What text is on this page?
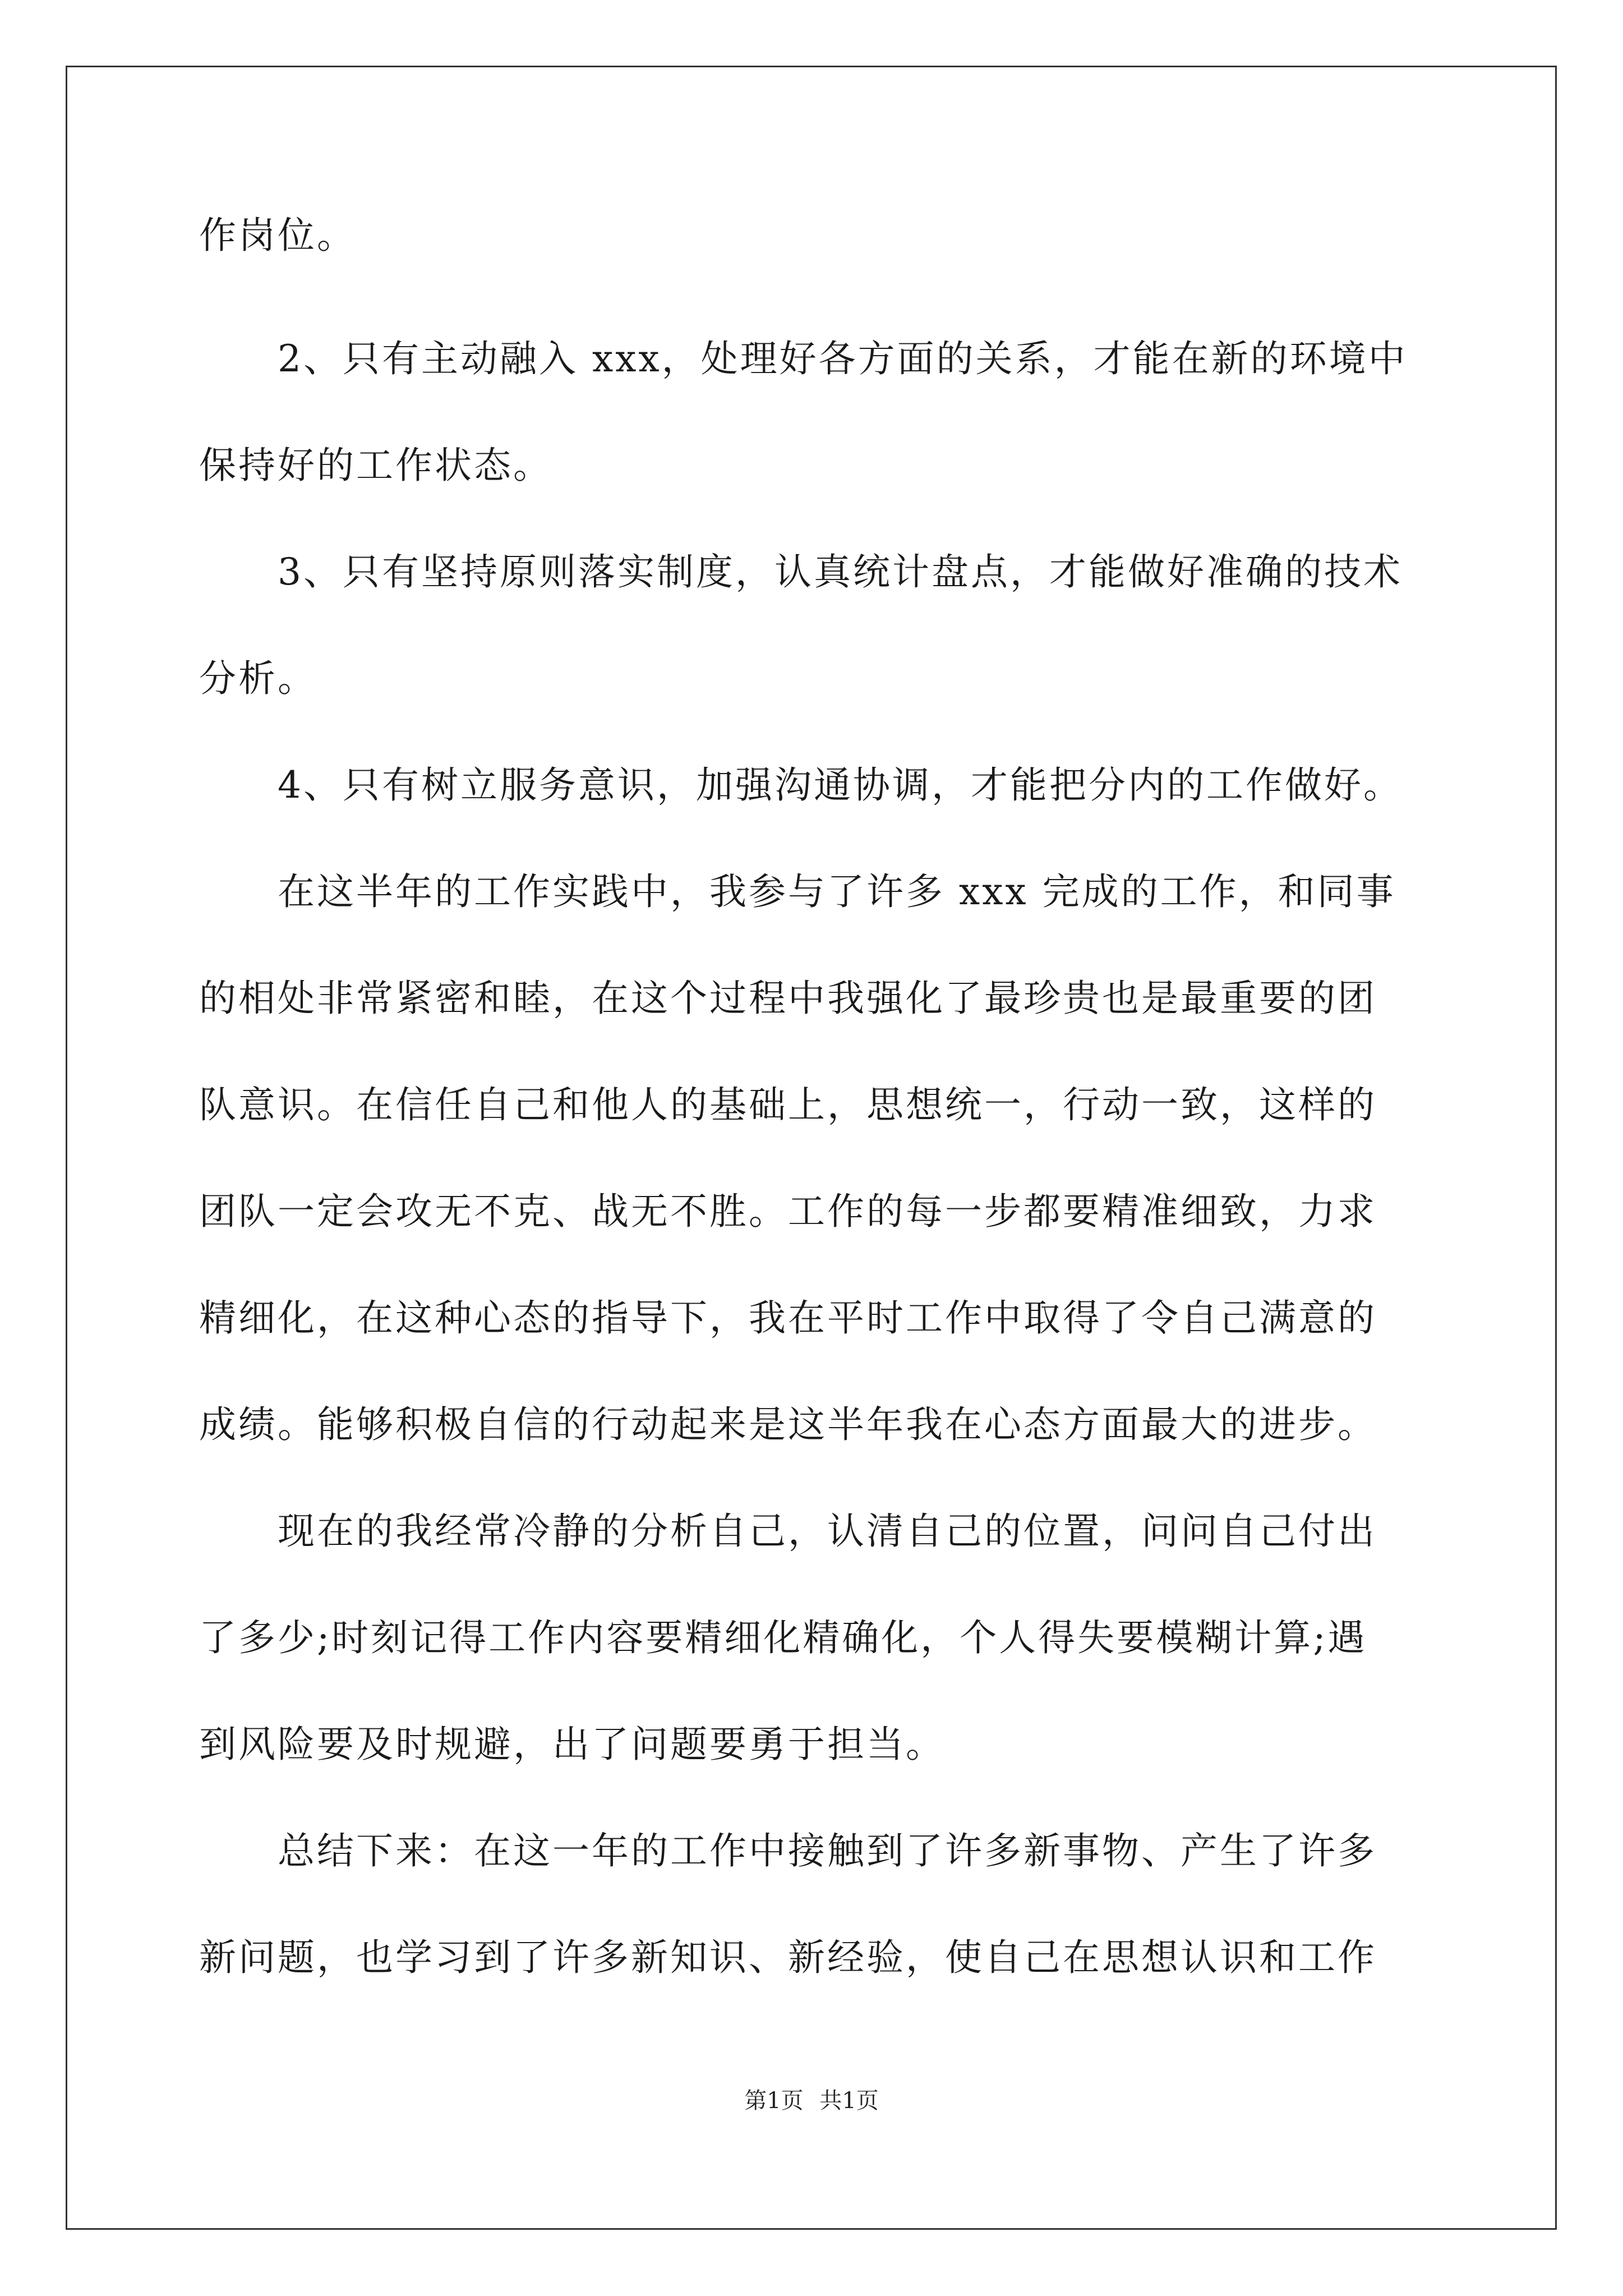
作岗位。
2、只有主动融入 xxx，处理好各方面的关系，才能在新的环境中
保持好的工作状态。
3、只有坚持原则落实制度，认真统计盘点，才能做好准确的技术
分析。
4、只有树立服务意识，加强沟通协调，才能把分内的工作做好。
在这半年的工作实践中，我参与了许多 xxx 完成的工作，和同事
的相处非常紧密和睦，在这个过程中我强化了最珍贵也是最重要的团
队意识。在信任自己和他人的基础上，思想统一，行动一致，这样的
团队一定会攻无不克、战无不胜。工作的每一步都要精准细致，力求
精细化，在这种心态的指导下，我在平时工作中取得了令自己满意的
成绩。能够积极自信的行动起来是这半年我在心态方面最大的进步。
现在的我经常冷静的分析自己，认清自己的位置，问问自己付出
了多少;时刻记得工作内容要精细化精确化，个人得失要模糊计算;遇
到风险要及时规避，出了问题要勇于担当。
总结下来：在这一年的工作中接触到了许多新事物、产生了许多
新问题，也学习到了许多新知识、新经验，使自己在思想认识和工作
第1页 共1页
